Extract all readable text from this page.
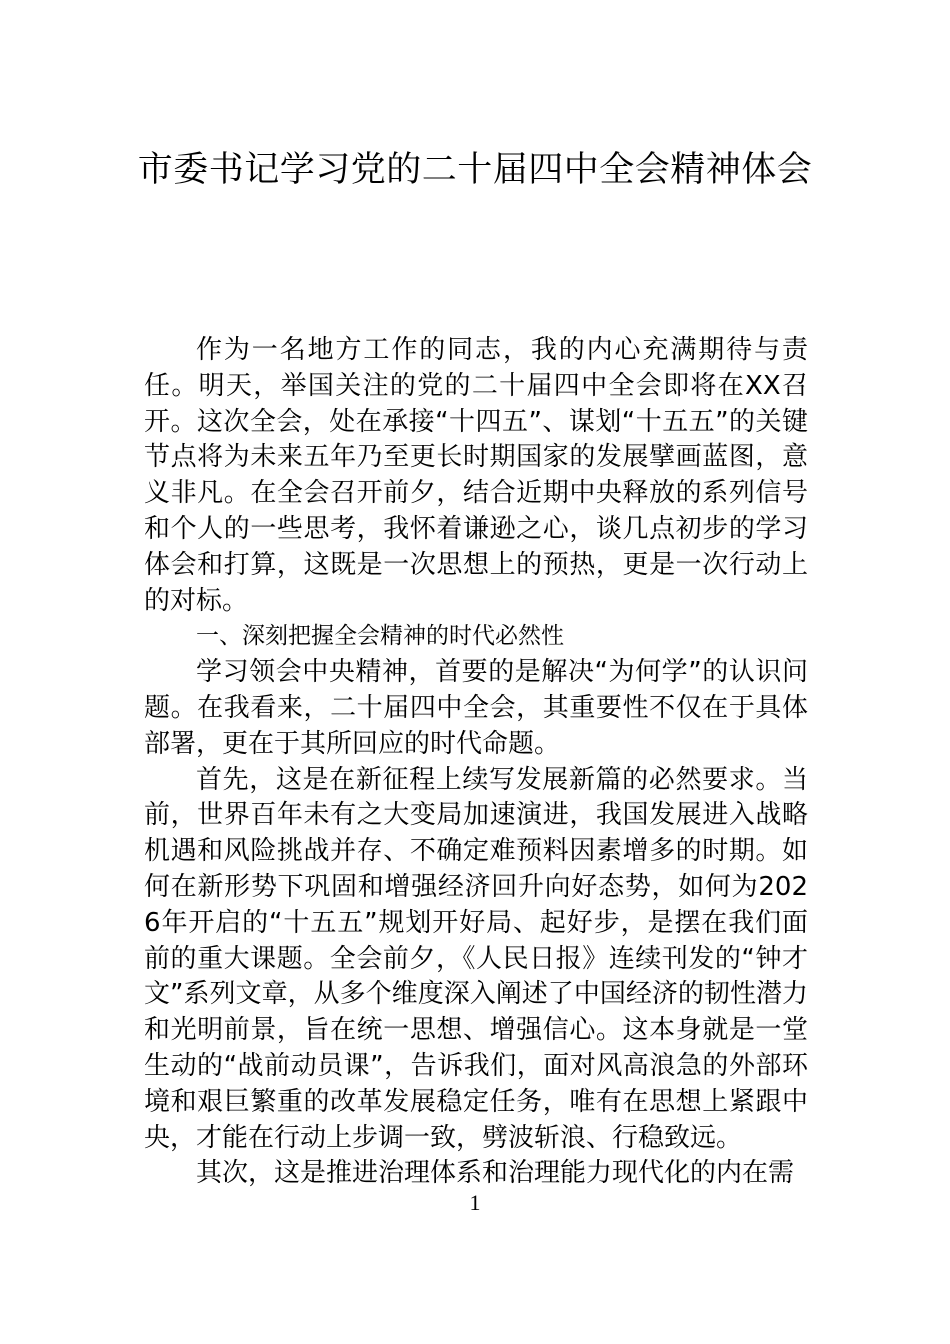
市委书记学习党的二十届四中全会精神体会

作为一名地方工作的同志，我的内心充满期待与责任。明天，举国关注的党的二十届四中全会即将在XX召开。这次全会，处在承接“十四五”、谋划“十五五”的关键节点将为未来五年乃至更长时期国家的发展擘画蓝图，意义非凡。在全会召开前夕，结合近期中央释放的系列信号和个人的一些思考，我怀着谦逊之心，谈几点初步的学习体会和打算，这既是一次思想上的预热，更是一次行动上的对标。

一、深刻把握全会精神的时代必然性

学习领会中央精神，首要的是解决“为何学”的认识问题。在我看来，二十届四中全会，其重要性不仅在于具体部署，更在于其所回应的时代命题。

首先，这是在新征程上续写发展新篇的必然要求。当前，世界百年未有之大变局加速演进，我国发展进入战略机遇和风险挑战并存、不确定难预料因素增多的时期。如何在新形势下巩固和增强经济回升向好态势，如何为2026年开启的“十五五”规划开好局、起好步，是摆在我们面前的重大课题。全会前夕，《人民日报》连续刊发的“钟才文”系列文章，从多个维度深入阐述了中国经济的韧性潜力和光明前景，旨在统一思想、增强信心。这本身就是一堂生动的“战前动员课”，告诉我们，面对风高浪急的外部环境和艰巨繁重的改革发展稳定任务，唯有在思想上紧跟中央，才能在行动上步调一致，劈波斩浪、行稳致远。

其次，这是推进治理体系和治理能力现代化的内在需

1
